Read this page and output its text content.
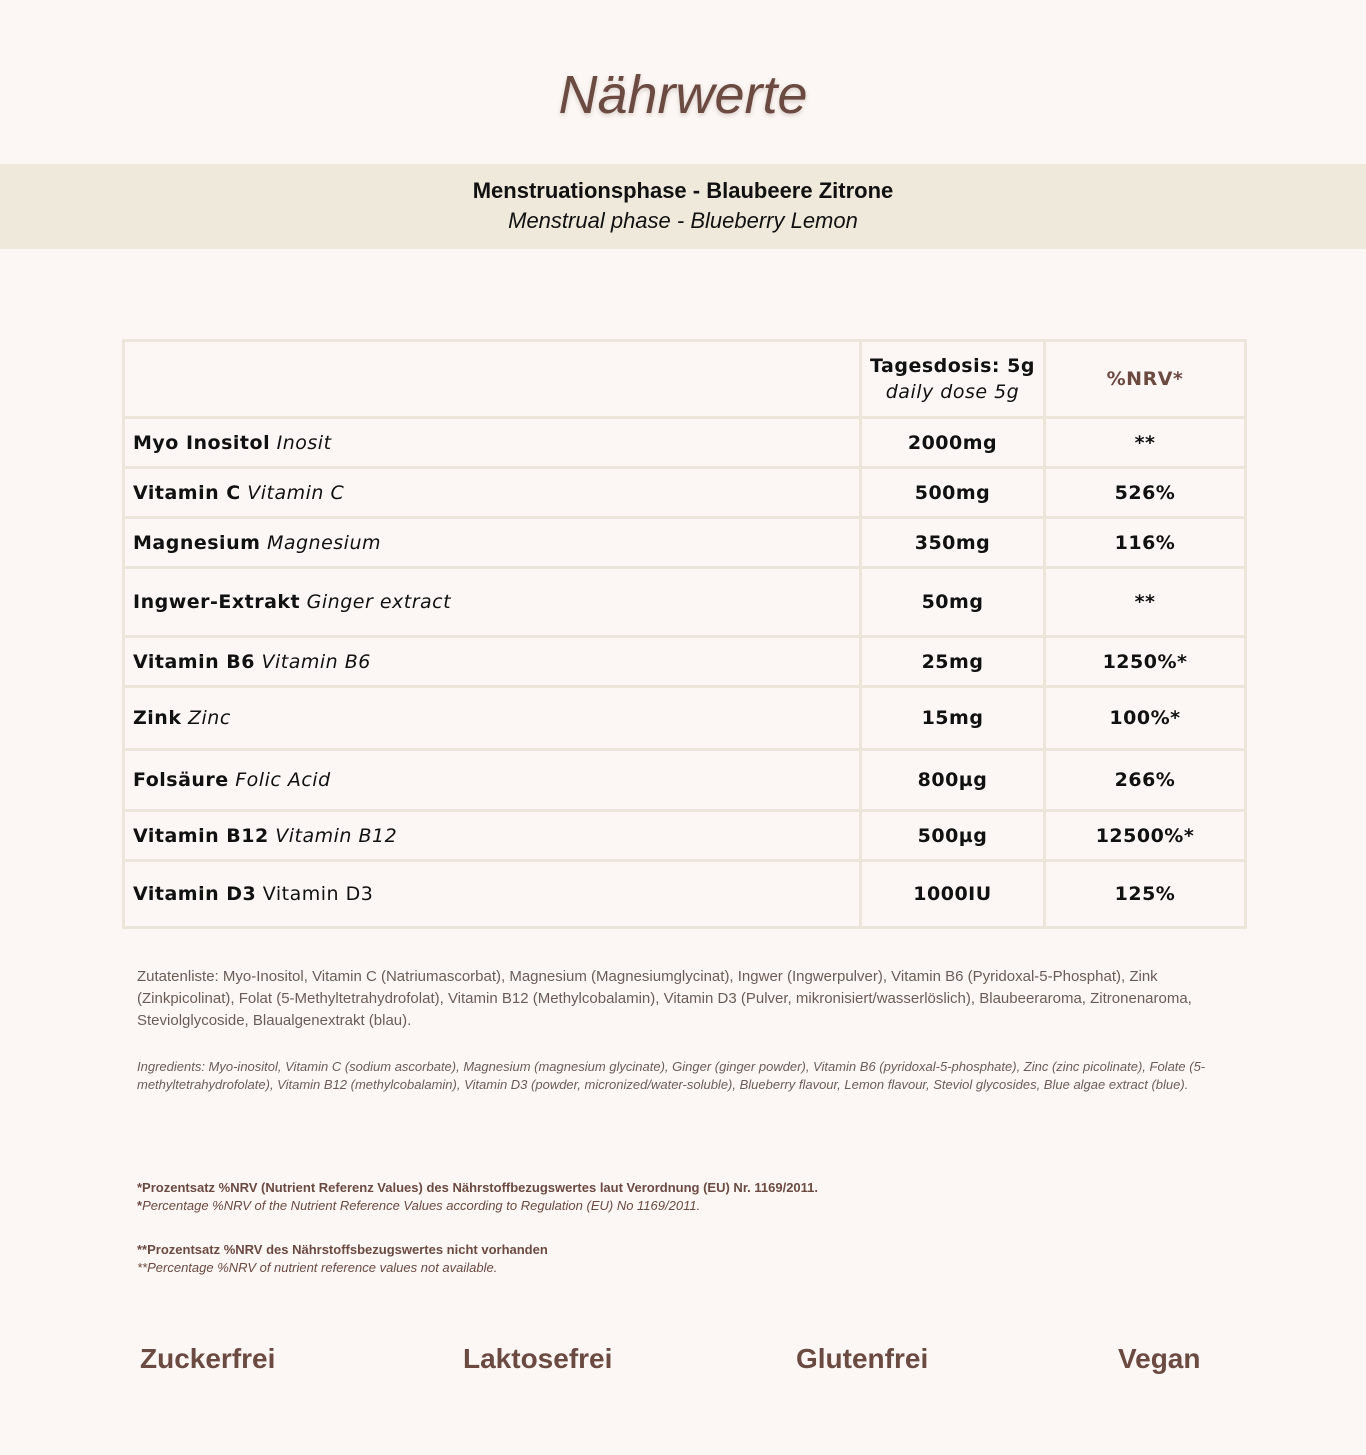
Nährwerte
Menstruationsphase - Blaubeere Zitrone
Menstrual phase - Blueberry Lemon

	Tagesdosis: 5g
daily dose 5g	%NRV*
Myo Inositol Inosit	2000mg	**
Vitamin C Vitamin C	500mg	526%
Magnesium Magnesium	350mg	116%
Ingwer-Extrakt Ginger extract	50mg	**
Vitamin B6 Vitamin B6	25mg	1250%*
Zink Zinc	15mg	100%*
Folsäure Folic Acid	800µg	266%
Vitamin B12 Vitamin B12	500µg	12500%*
Vitamin D3 Vitamin D3	1000IU	125%
Zutatenliste: Myo-Inositol, Vitamin C (Natriumascorbat), Magnesium (Magnesiumglycinat), Ingwer (Ingwerpulver), Vitamin B6 (Pyridoxal-5-Phosphat), Zink (Zinkpicolinat), Folat (5-Methyltetrahydrofolat), Vitamin B12 (Methylcobalamin), Vitamin D3 (Pulver, mikronisiert/wasserlöslich), Blaubeeraroma, Zitronenaroma, Steviolglycoside, Blaualgenextrakt (blau).
Ingredients: Myo-inositol, Vitamin C (sodium ascorbate), Magnesium (magnesium glycinate), Ginger (ginger powder), Vitamin B6 (pyridoxal-5-phosphate), Zinc (zinc picolinate), Folate (5-methyltetrahydrofolate), Vitamin B12 (methylcobalamin), Vitamin D3 (powder, micronized/water-soluble), Blueberry flavour, Lemon flavour, Steviol glycosides, Blue algae extract (blue).
*Prozentsatz %NRV (Nutrient Referenz Values) des Nährstoffbezugswertes laut Verordnung (EU) Nr. 1169/2011.
*Percentage %NRV of the Nutrient Reference Values according to Regulation (EU) No 1169/2011.
**Prozentsatz %NRV des Nährstoffsbezugswertes nicht vorhanden
**Percentage %NRV of nutrient reference values not available.
Zuckerfrei	Laktosefrei	Glutenfrei	Vegan
